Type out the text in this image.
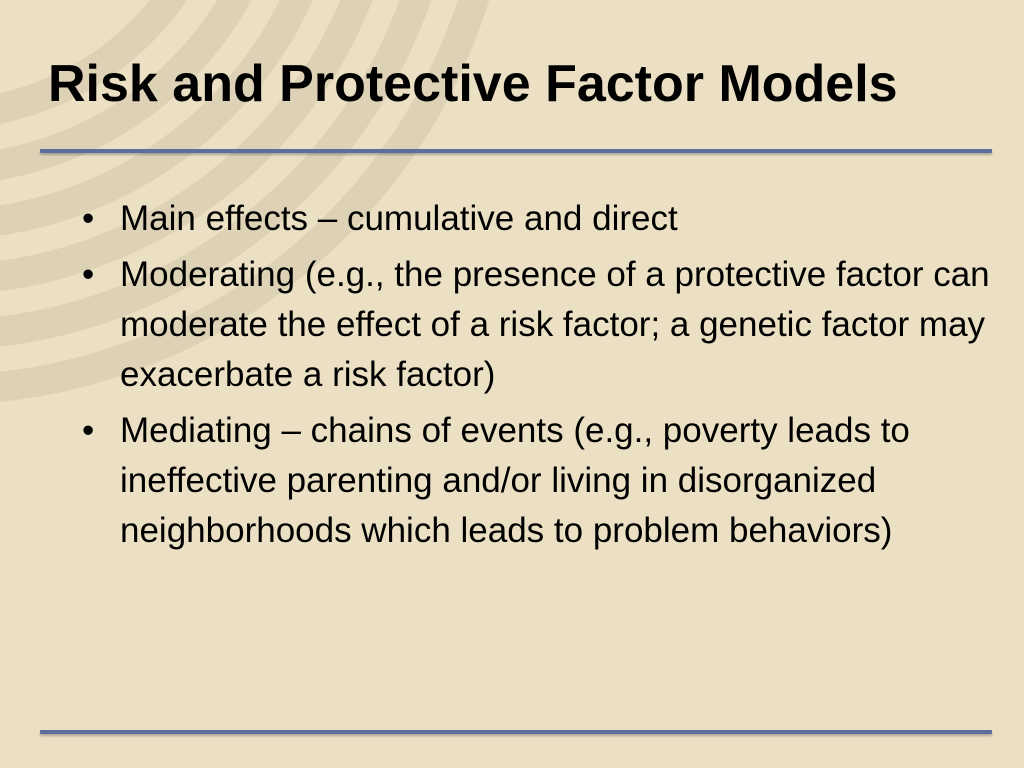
Risk and Protective Factor Models
• Main effects – cumulative and direct
• Moderating (e.g., the presence of a protective factor can moderate the effect of a risk factor; a genetic factor may exacerbate a risk factor)
• Mediating – chains of events (e.g., poverty leads to ineffective parenting and/or living in disorganized neighborhoods which leads to problem behaviors)
